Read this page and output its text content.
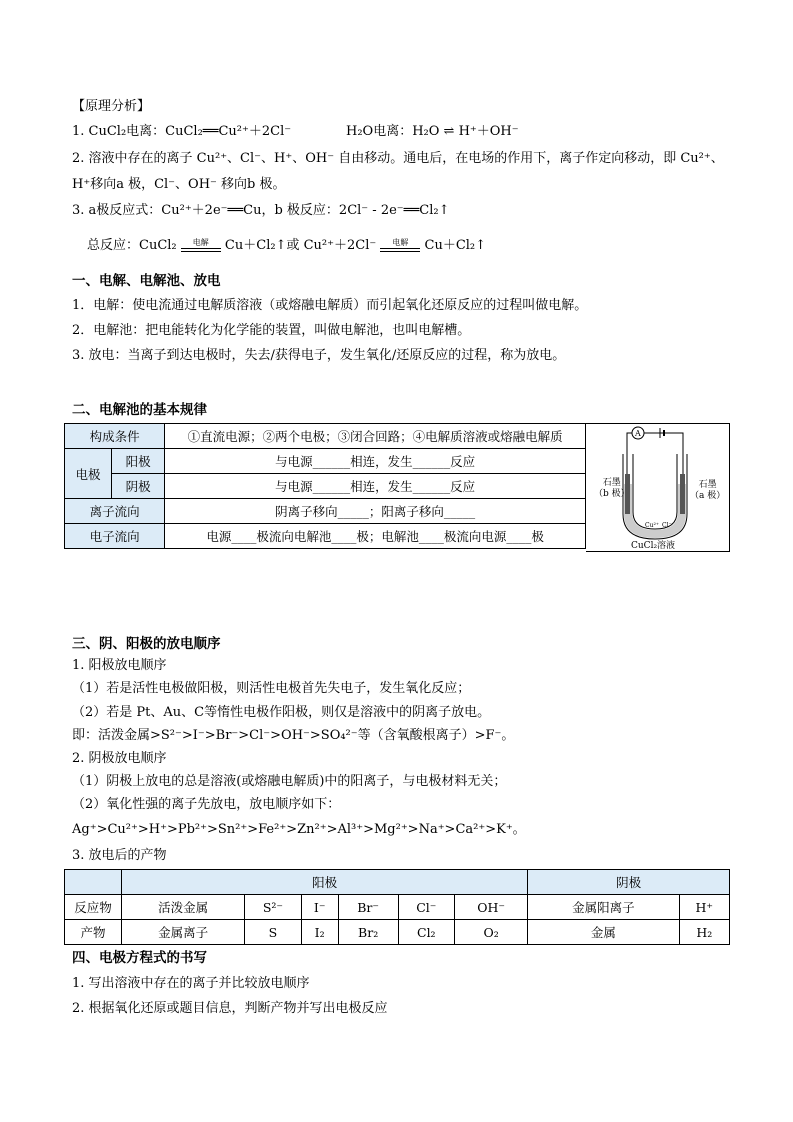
【原理分析】
1. CuCl₂电离：CuCl₂══Cu²⁺＋2Cl⁻	H₂O电离：H₂O ⇌ H⁺＋OH⁻
2. 溶液中存在的离子 Cu²⁺、Cl⁻、H⁺、OH⁻ 自由移动。通电后，在电场的作用下，离子作定向移动，即 Cu²⁺、
H⁺移向a 极，Cl⁻、OH⁻ 移向b 极。
3. a极反应式：Cu²⁺＋2e⁻══Cu，b 极反应：2Cl⁻ - 2e⁻══Cl₂↑
总反应：CuCl₂	电解	Cu＋Cl₂↑或 Cu²⁺＋2Cl⁻	电解	Cu＋Cl₂↑
一、电解、电解池、放电
1．电解：使电流通过电解质溶液（或熔融电解质）而引起氧化还原反应的过程叫做电解。
2．电解池：把电能转化为化学能的装置，叫做电解池，也叫电解槽。
3. 放电：当离子到达电极时，失去/获得电子，发生氧化/还原反应的过程，称为放电。
二、电解池的基本规律
构成条件		①直流电源；②两个电极；③闭合回路；④电解质溶液或熔融电解质
电极	阳极	与电源______相连，发生______反应
	阴极	与电源______相连，发生______反应
离子流向		阴离子移向_____；阳离子移向_____
电子流向		电源____极流向电解池____极；电解池____极流向电源____极
A
Cu²⁺ Cl⁻
石墨
（b 极）
石墨
（a 极）
CuCl₂溶液
三、阴、阳极的放电顺序
1. 阳极放电顺序
（1）若是活性电极做阳极，则活性电极首先失电子，发生氧化反应；
（2）若是 Pt、Au、C等惰性电极作阳极，则仅是溶液中的阴离子放电。
即：活泼金属>S²⁻>I⁻>Br⁻>Cl⁻>OH⁻>SO₄²⁻等（含氧酸根离子）>F⁻。
2. 阴极放电顺序
（1）阴极上放电的总是溶液(或熔融电解质)中的阳离子，与电极材料无关；
（2）氧化性强的离子先放电，放电顺序如下：
Ag⁺>Cu²⁺>H⁺>Pb²⁺>Sn²⁺>Fe²⁺>Zn²⁺>Al³⁺>Mg²⁺>Na⁺>Ca²⁺>K⁺。
3. 放电后的产物
	阳极						阴极	
反应物	活泼金属	S²⁻	I⁻	Br⁻	Cl⁻	OH⁻	金属阳离子	H⁺
产物	金属离子	S	I₂	Br₂	Cl₂	O₂	金属	H₂
四、电极方程式的书写
1. 写出溶液中存在的离子并比较放电顺序
2. 根据氧化还原或题目信息，判断产物并写出电极反应
